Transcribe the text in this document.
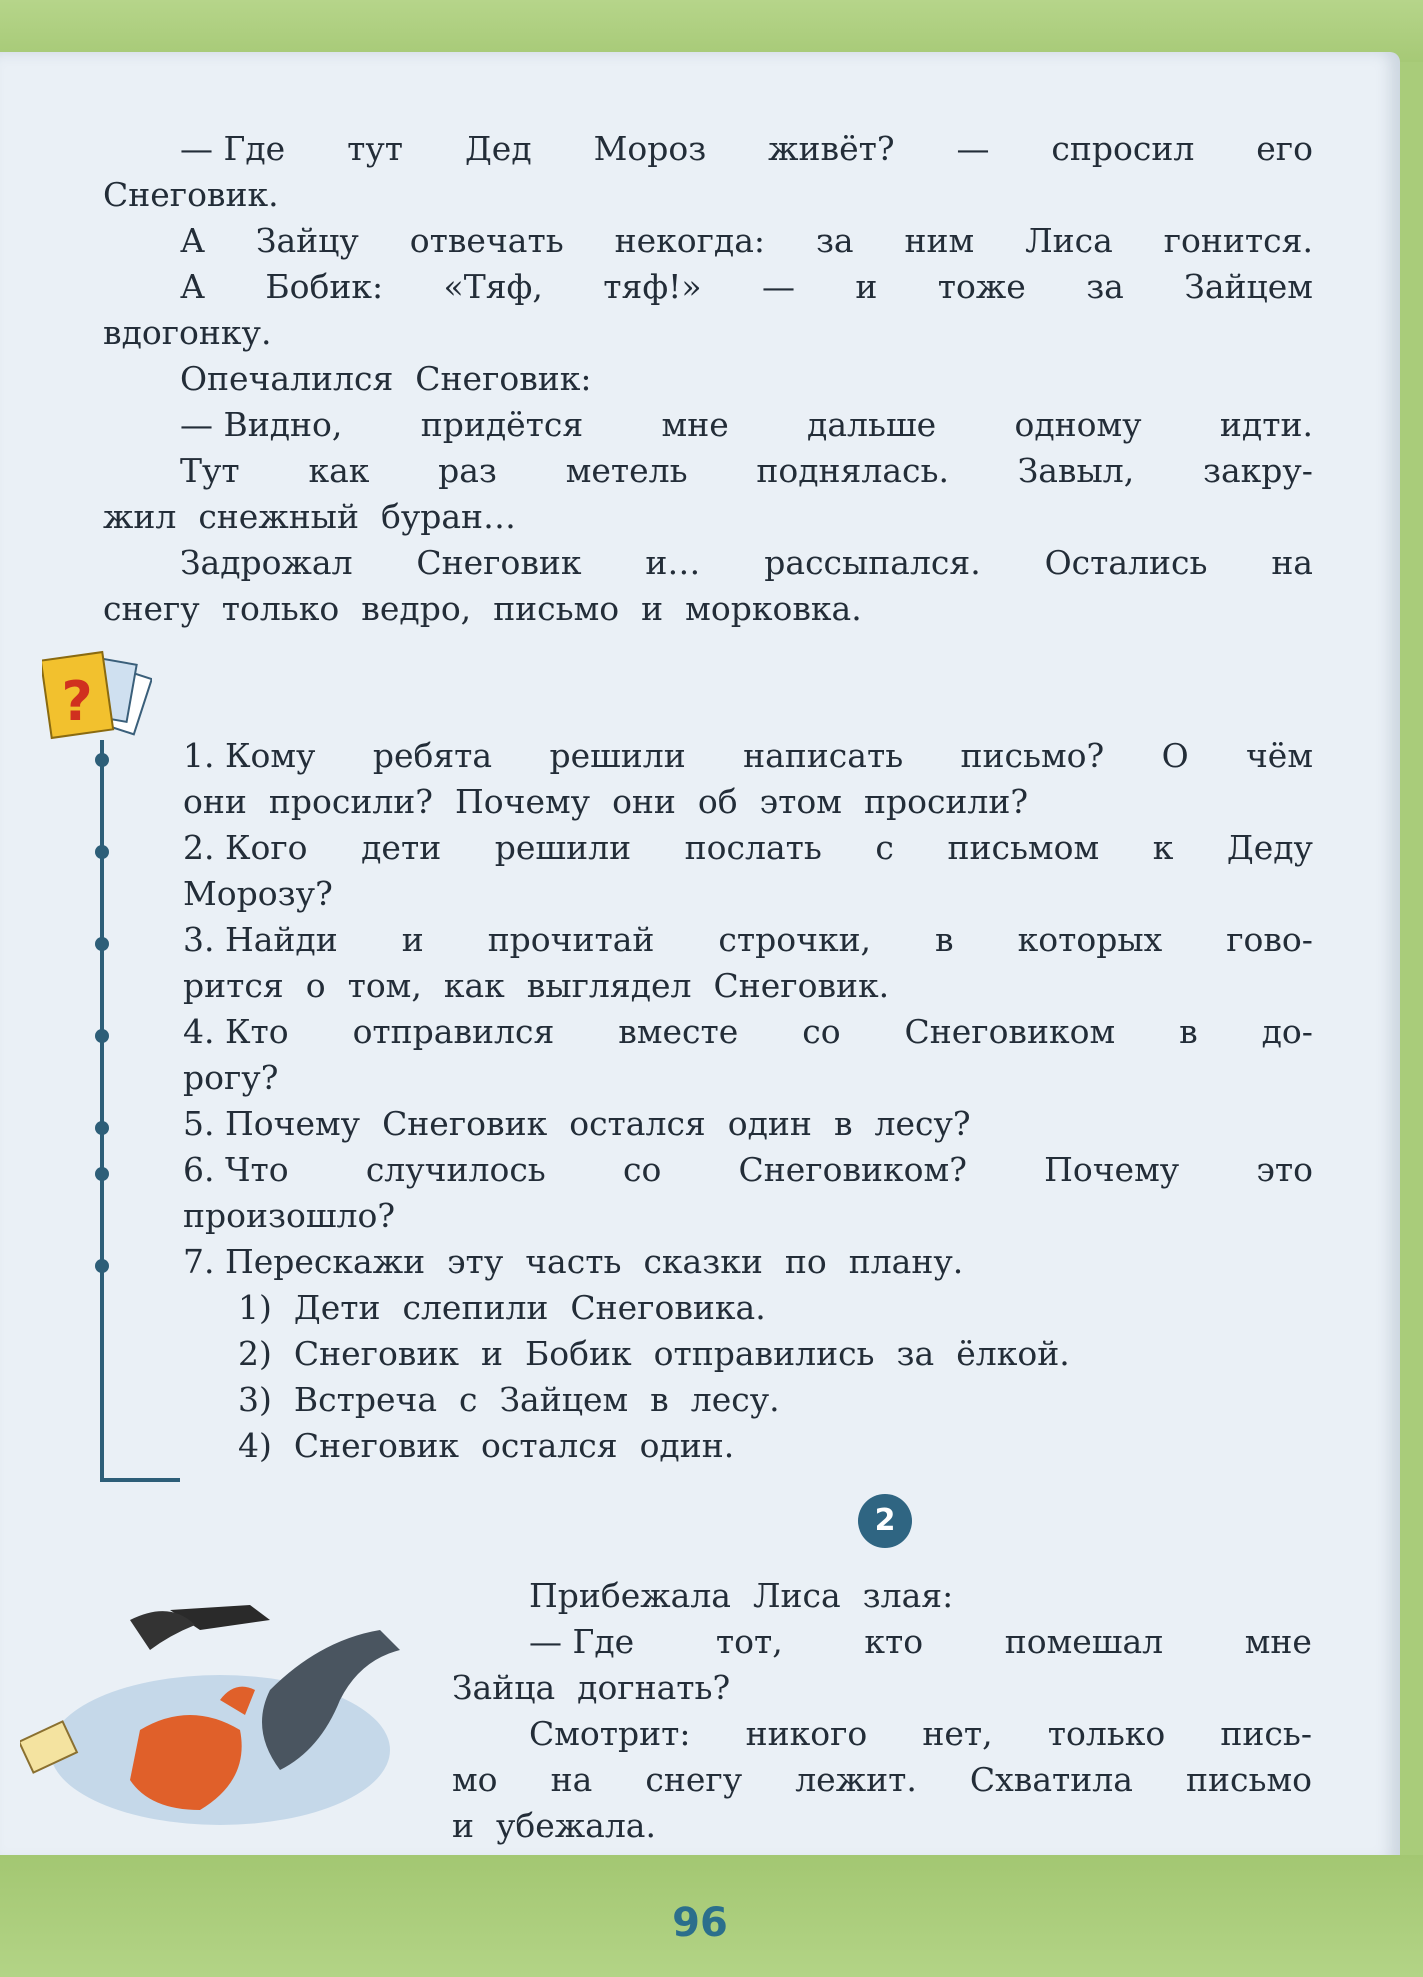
— Где тут Дед Мороз живёт? — спросил его
Снеговик.
А Зайцу отвечать некогда: за ним Лиса гонится.
А Бобик: «Тяф, тяф!» — и тоже за Зайцем
вдогонку.
Опечалился Снеговик:
— Видно, придётся мне дальше одному идти.
Тут как раз метель поднялась. Завыл, закру-
жил снежный буран…
Задрожал Снеговик и… рассыпался. Остались на
снегу только ведро, письмо и морковка.
?
1. Кому ребята решили написать письмо? О чём
они просили? Почему они об этом просили?
2. Кого дети решили послать с письмом к Деду
Морозу?
3. Найди и прочитай строчки, в которых гово-
рится о том, как выглядел Снеговик.
4. Кто отправился вместе со Снеговиком в до-
рогу?
5. Почему Снеговик остался один в лесу?
6. Что случилось со Снеговиком? Почему это
произошло?
7. Перескажи эту часть сказки по плану.
1) Дети слепили Снеговика.
2) Снеговик и Бобик отправились за ёлкой.
3) Встреча с Зайцем в лесу.
4) Снеговик остался один.
2
Прибежала Лиса злая:
— Где тот, кто помешал мне
Зайца догнать?
Смотрит: никого нет, только пись-
мо на снегу лежит. Схватила письмо
и убежала.
96
